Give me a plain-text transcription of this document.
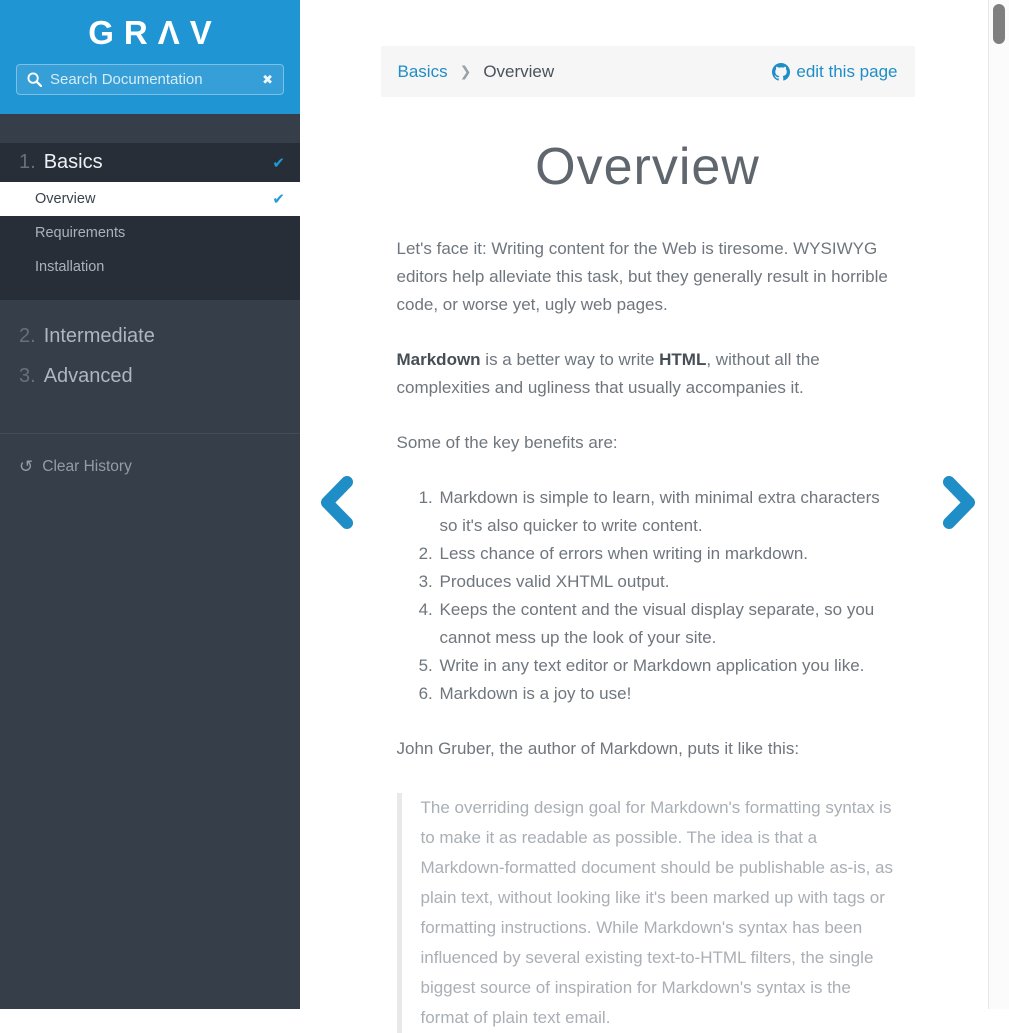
GRΛV
Search Documentation
✖
1. Basics	✔
Overview	✔
Requirements
Installation
2. Intermediate
3. Advanced
↺ Clear History
Basics ❯ Overview	edit this page
Overview

Let's face it: Writing content for the Web is tiresome. WYSIWYG editors help alleviate this task, but they generally result in horrible code, or worse yet, ugly web pages.

Markdown is a better way to write HTML, without all the complexities and ugliness that usually accompanies it.

Some of the key benefits are:

1. Markdown is simple to learn, with minimal extra characters so it's also quicker to write content.
2. Less chance of errors when writing in markdown.
3. Produces valid XHTML output.
4. Keeps the content and the visual display separate, so you cannot mess up the look of your site.
5. Write in any text editor or Markdown application you like.
6. Markdown is a joy to use!

John Gruber, the author of Markdown, puts it like this:

The overriding design goal for Markdown's formatting syntax is to make it as readable as possible. The idea is that a Markdown-formatted document should be publishable as-is, as plain text, without looking like it's been marked up with tags or formatting instructions. While Markdown's syntax has been influenced by several existing text-to-HTML filters, the single biggest source of inspiration for Markdown's syntax is the format of plain text email.
